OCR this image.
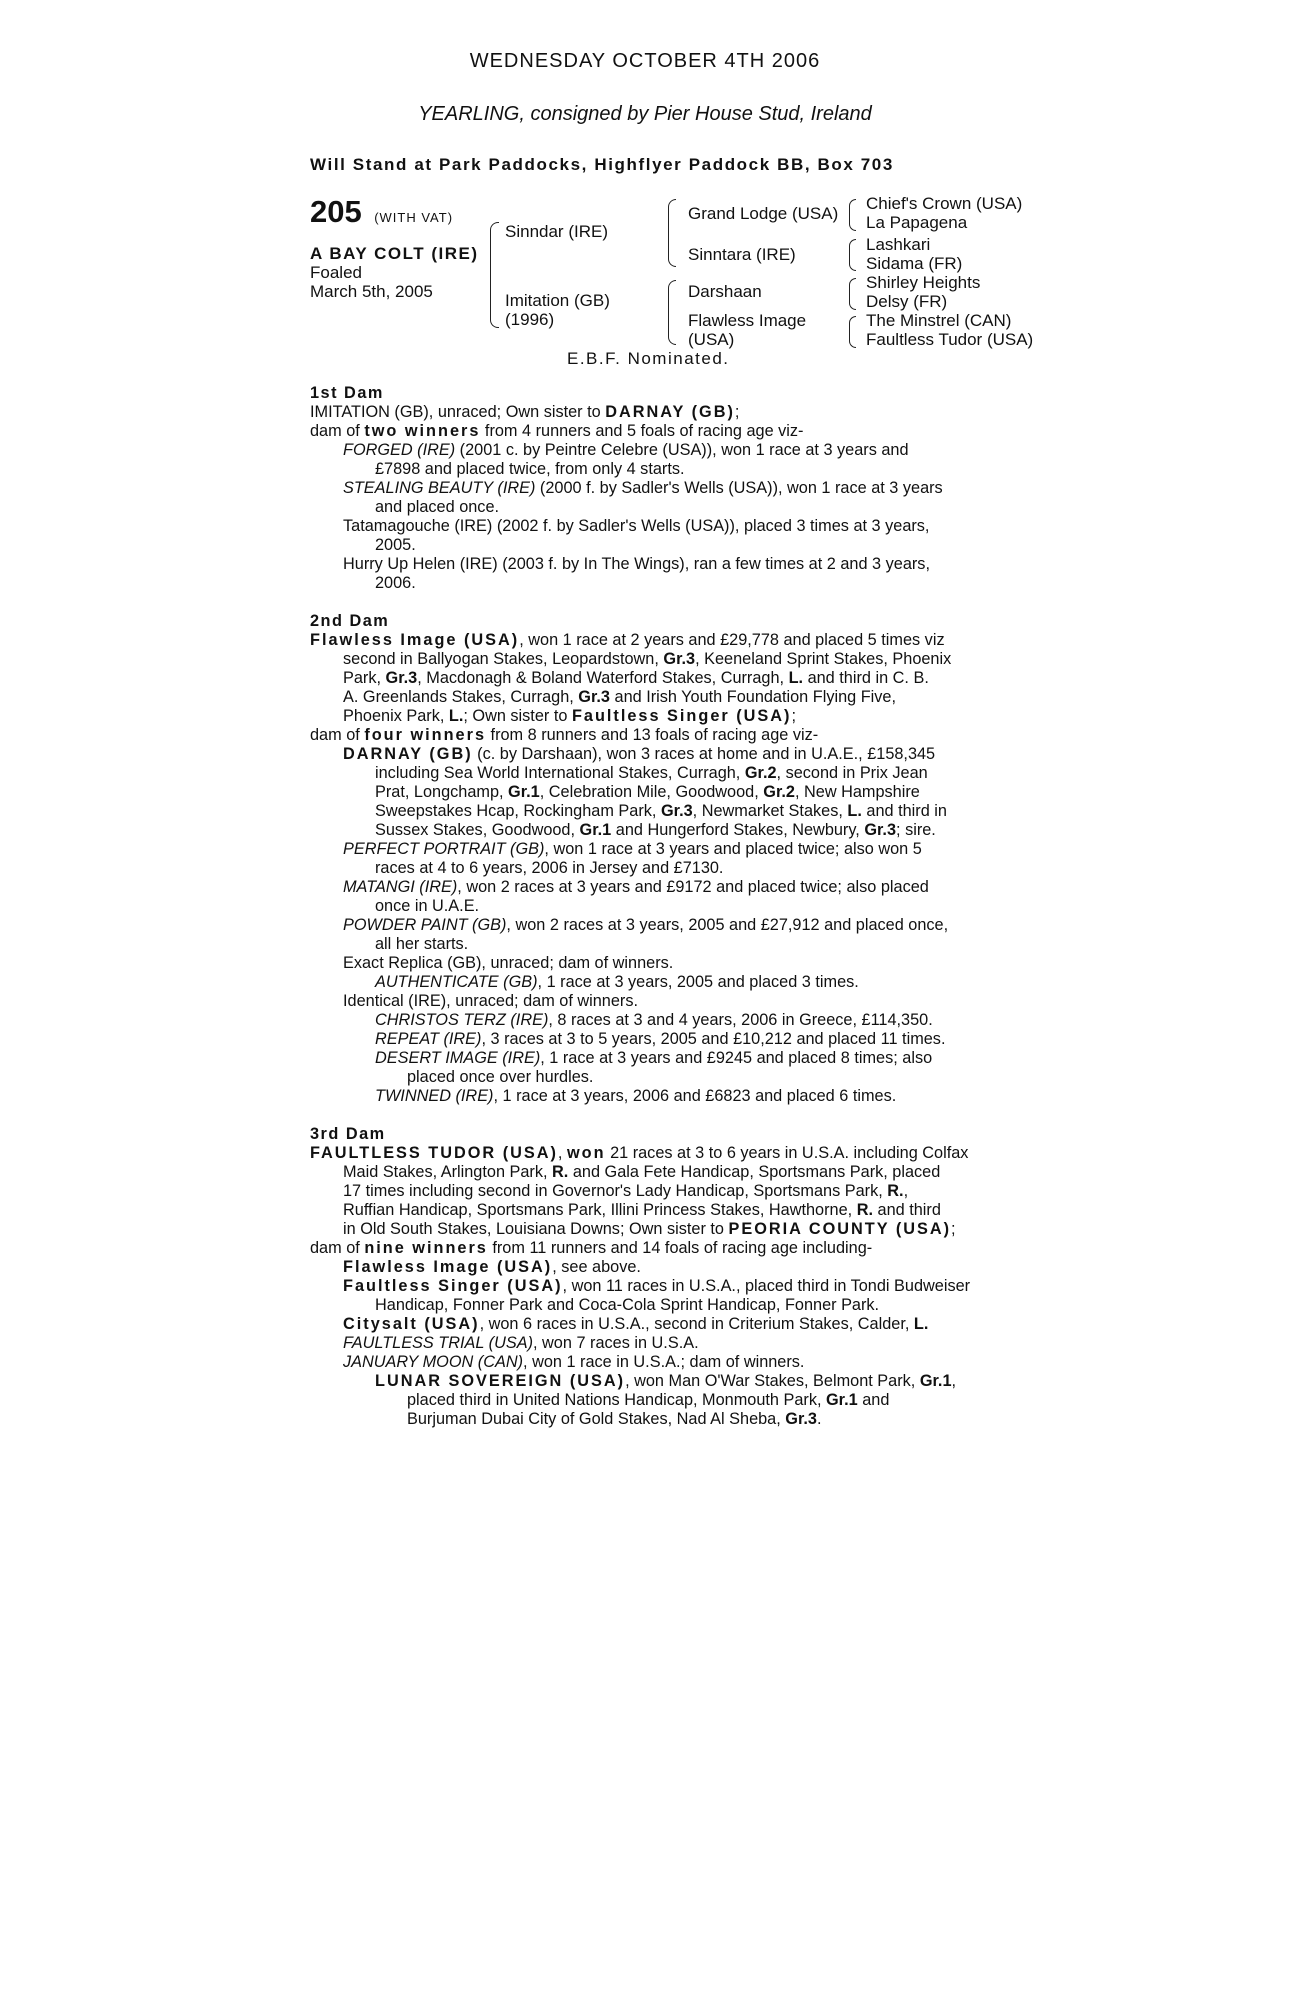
WEDNESDAY OCTOBER 4TH 2006
YEARLING, consigned by Pier House Stud, Ireland
Will Stand at Park Paddocks, Highflyer Paddock BB, Box 703
205 (WITH VAT)
A BAY COLT (IRE)
Foaled
March 5th, 2005
Sinndar (IRE)
Imitation (GB)
(1996)
Grand Lodge (USA)
Sinntara (IRE)
Darshaan
Flawless Image
(USA)
Chief's Crown (USA)
La Papagena
Lashkari
Sidama (FR)
Shirley Heights
Delsy (FR)
The Minstrel (CAN)
Faultless Tudor (USA)
E.B.F. Nominated.
1st Dam
IMITATION (GB), unraced; Own sister to DARNAY (GB);
dam of two winners from 4 runners and 5 foals of racing age viz-
FORGED (IRE) (2001 c. by Peintre Celebre (USA)), won 1 race at 3 years and
£7898 and placed twice, from only 4 starts.
STEALING BEAUTY (IRE) (2000 f. by Sadler's Wells (USA)), won 1 race at 3 years
and placed once.
Tatamagouche (IRE) (2002 f. by Sadler's Wells (USA)), placed 3 times at 3 years,
2005.
Hurry Up Helen (IRE) (2003 f. by In The Wings), ran a few times at 2 and 3 years,
2006.
2nd Dam
Flawless Image (USA), won 1 race at 2 years and £29,778 and placed 5 times viz
second in Ballyogan Stakes, Leopardstown, Gr.3, Keeneland Sprint Stakes, Phoenix
Park, Gr.3, Macdonagh & Boland Waterford Stakes, Curragh, L. and third in C. B.
A. Greenlands Stakes, Curragh, Gr.3 and Irish Youth Foundation Flying Five,
Phoenix Park, L.; Own sister to Faultless Singer (USA);
dam of four winners from 8 runners and 13 foals of racing age viz-
DARNAY (GB) (c. by Darshaan), won 3 races at home and in U.A.E., £158,345
including Sea World International Stakes, Curragh, Gr.2, second in Prix Jean
Prat, Longchamp, Gr.1, Celebration Mile, Goodwood, Gr.2, New Hampshire
Sweepstakes Hcap, Rockingham Park, Gr.3, Newmarket Stakes, L. and third in
Sussex Stakes, Goodwood, Gr.1 and Hungerford Stakes, Newbury, Gr.3; sire.
PERFECT PORTRAIT (GB), won 1 race at 3 years and placed twice; also won 5
races at 4 to 6 years, 2006 in Jersey and £7130.
MATANGI (IRE), won 2 races at 3 years and £9172 and placed twice; also placed
once in U.A.E.
POWDER PAINT (GB), won 2 races at 3 years, 2005 and £27,912 and placed once,
all her starts.
Exact Replica (GB), unraced; dam of winners.
AUTHENTICATE (GB), 1 race at 3 years, 2005 and placed 3 times.
Identical (IRE), unraced; dam of winners.
CHRISTOS TERZ (IRE), 8 races at 3 and 4 years, 2006 in Greece, £114,350.
REPEAT (IRE), 3 races at 3 to 5 years, 2005 and £10,212 and placed 11 times.
DESERT IMAGE (IRE), 1 race at 3 years and £9245 and placed 8 times; also
placed once over hurdles.
TWINNED (IRE), 1 race at 3 years, 2006 and £6823 and placed 6 times.
3rd Dam
FAULTLESS TUDOR (USA), won 21 races at 3 to 6 years in U.S.A. including Colfax
Maid Stakes, Arlington Park, R. and Gala Fete Handicap, Sportsmans Park, placed
17 times including second in Governor's Lady Handicap, Sportsmans Park, R.,
Ruffian Handicap, Sportsmans Park, Illini Princess Stakes, Hawthorne, R. and third
in Old South Stakes, Louisiana Downs; Own sister to PEORIA COUNTY (USA);
dam of nine winners from 11 runners and 14 foals of racing age including-
Flawless Image (USA), see above.
Faultless Singer (USA), won 11 races in U.S.A., placed third in Tondi Budweiser
Handicap, Fonner Park and Coca-Cola Sprint Handicap, Fonner Park.
Citysalt (USA), won 6 races in U.S.A., second in Criterium Stakes, Calder, L.
FAULTLESS TRIAL (USA), won 7 races in U.S.A.
JANUARY MOON (CAN), won 1 race in U.S.A.; dam of winners.
LUNAR SOVEREIGN (USA), won Man O'War Stakes, Belmont Park, Gr.1,
placed third in United Nations Handicap, Monmouth Park, Gr.1 and
Burjuman Dubai City of Gold Stakes, Nad Al Sheba, Gr.3.
